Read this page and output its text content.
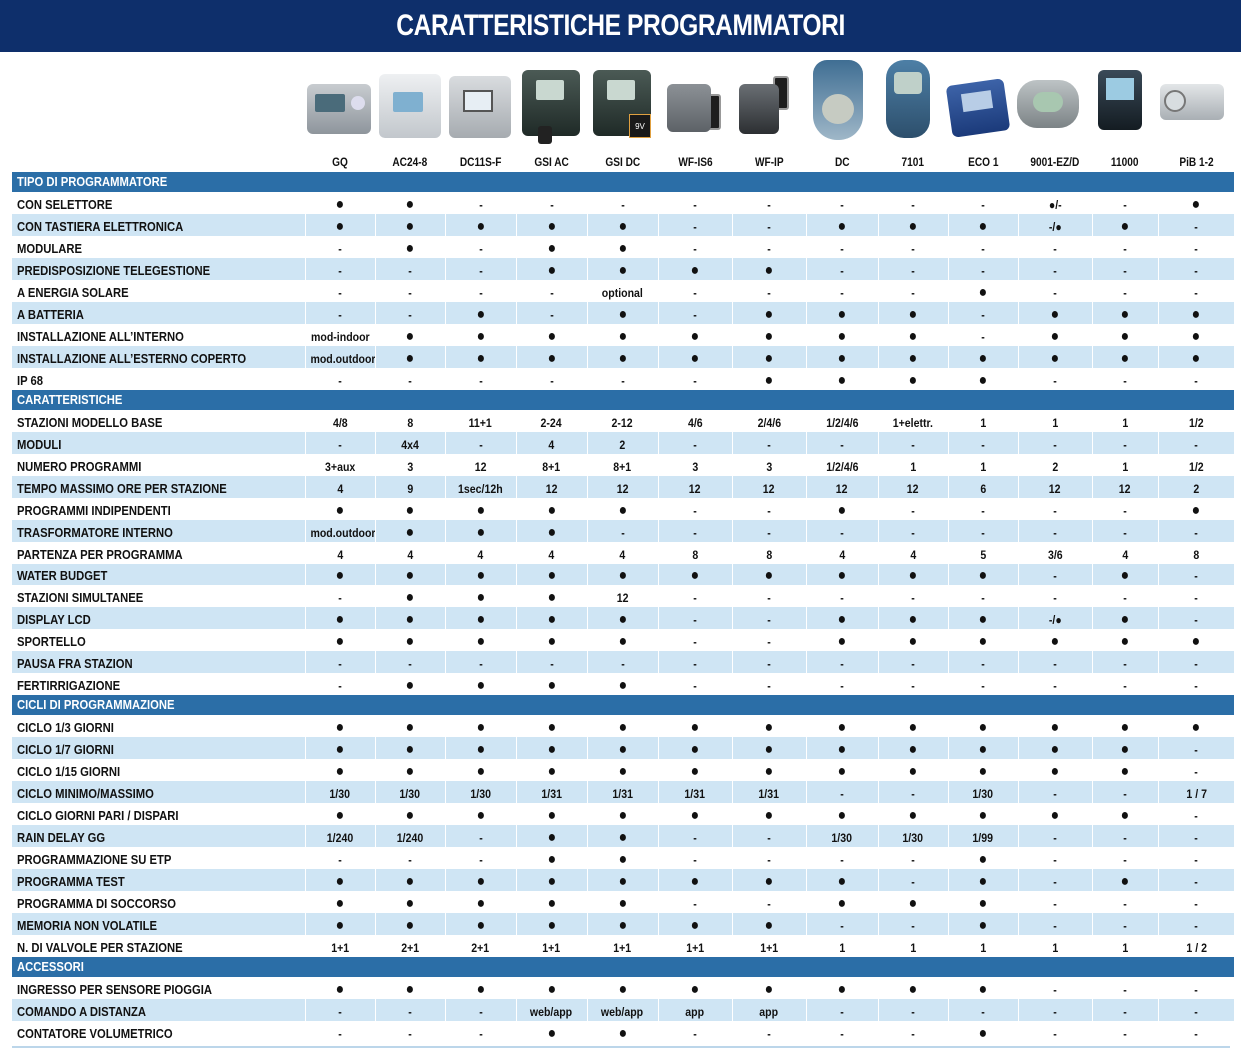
CARATTERISTICHE PROGRAMMATORI
9V
	GQ	AC24-8	DC11S-F	GSI AC	GSI DC	WF-IS6	WF-IP	DC	7101	ECO 1	9001-EZ/D	11000	PiB 1-2
TIPO DI PROGRAMMATORE													
CON SELETTORE	●	●	-	-	-	-	-	-	-	-	●/-	-	●
CON TASTIERA ELETTRONICA	●	●	●	●	●	-	-	●	●	●	-/●	●	-
MODULARE	-	●	-	●	●	-	-	-	-	-	-	-	-
PREDISPOSIZIONE TELEGESTIONE	-	-	-	●	●	●	●	-	-	-	-	-	-
A ENERGIA SOLARE	-	-	-	-	optional	-	-	-	-	●	-	-	-
A BATTERIA	-	-	●	-	●	-	●	●	●	-	●	●	●
INSTALLAZIONE ALL’INTERNO	mod-indoor	●	●	●	●	●	●	●	●	-	●	●	●
INSTALLAZIONE ALL’ESTERNO COPERTO	mod.outdoor	●	●	●	●	●	●	●	●	●	●	●	●
IP 68	-	-	-	-	-	-	●	●	●	●	-	-	-
CARATTERISTICHE													
STAZIONI MODELLO BASE	4/8	8	11+1	2-24	2-12	4/6	2/4/6	1/2/4/6	1+elettr.	1	1	1	1/2
MODULI	-	4x4	-	4	2	-	-	-	-	-	-	-	-
NUMERO PROGRAMMI	3+aux	3	12	8+1	8+1	3	3	1/2/4/6	1	1	2	1	1/2
TEMPO MASSIMO ORE PER STAZIONE	4	9	1sec/12h	12	12	12	12	12	12	6	12	12	2
PROGRAMMI INDIPENDENTI	●	●	●	●	●	-	-	●	-	-	-	-	●
TRASFORMATORE INTERNO	mod.outdoor	●	●	●	-	-	-	-	-	-	-	-	-
PARTENZA PER PROGRAMMA	4	4	4	4	4	8	8	4	4	5	3/6	4	8
WATER BUDGET	●	●	●	●	●	●	●	●	●	●	-	●	-
STAZIONI SIMULTANEE	-	●	●	●	12	-	-	-	-	-	-	-	-
DISPLAY LCD	●	●	●	●	●	-	-	●	●	●	-/●	●	-
SPORTELLO	●	●	●	●	●	-	-	●	●	●	●	●	●
PAUSA FRA STAZION	-	-	-	-	-	-	-	-	-	-	-	-	-
FERTIRRIGAZIONE	-	●	●	●	●	-	-	-	-	-	-	-	-
CICLI DI PROGRAMMAZIONE													
CICLO 1/3 GIORNI	●	●	●	●	●	●	●	●	●	●	●	●	●
CICLO 1/7 GIORNI	●	●	●	●	●	●	●	●	●	●	●	●	-
CICLO 1/15 GIORNI	●	●	●	●	●	●	●	●	●	●	●	●	-
CICLO MINIMO/MASSIMO	1/30	1/30	1/30	1/31	1/31	1/31	1/31	-	-	1/30	-	-	1 / 7
CICLO GIORNI PARI / DISPARI	●	●	●	●	●	●	●	●	●	●	●	●	-
RAIN DELAY GG	1/240	1/240	-	●	●	-	-	1/30	1/30	1/99	-	-	-
PROGRAMMAZIONE SU ETP	-	-	-	●	●	-	-	-	-	●	-	-	-
PROGRAMMA TEST	●	●	●	●	●	●	●	●	-	●	-	●	-
PROGRAMMA DI SOCCORSO	●	●	●	●	●	-	-	●	●	●	-	-	-
MEMORIA NON VOLATILE	●	●	●	●	●	●	●	-	-	●	-	-	-
N. DI VALVOLE PER STAZIONE	1+1	2+1	2+1	1+1	1+1	1+1	1+1	1	1	1	1	1	1 / 2
ACCESSORI													
INGRESSO PER SENSORE PIOGGIA	●	●	●	●	●	●	●	●	●	●	-	-	-
COMANDO A DISTANZA	-	-	-	web/app	web/app	app	app	-	-	-	-	-	-
CONTATORE VOLUMETRICO	-	-	-	●	●	-	-	-	-	●	-	-	-
